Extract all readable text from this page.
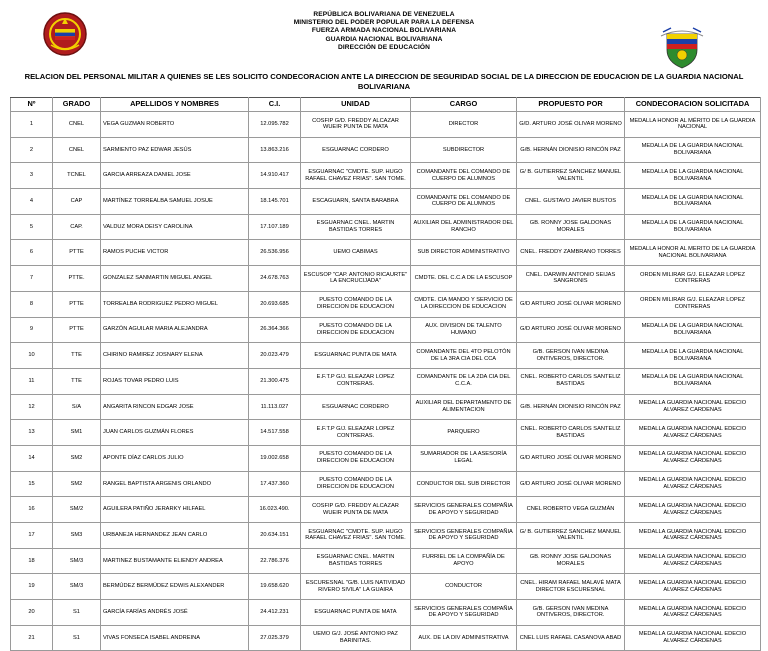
REPÚBLICA BOLIVARIANA DE VENEZUELA
MINISTERIO DEL PODER POPULAR PARA LA DEFENSA
FUERZA ARMADA NACIONAL BOLIVARIANA
GUARDIA NACIONAL BOLIVARIANA
DIRECCIÓN DE EDUCACIÓN
RELACION DEL PERSONAL MILITAR A QUIENES SE LES SOLICITO CONDECORACION ANTE LA DIRECCION DE SEGURIDAD SOCIAL DE LA DIRECCION DE EDUCACION DE LA GUARDIA NACIONAL BOLIVARIANA
Nº	GRADO	APELLIDOS Y NOMBRES	C.I.	UNIDAD	CARGO	PROPUESTO POR	CONDECORACION SOLICITADA
1	CNEL	VEGA GUZMAN ROBERTO	12.095.782	COSFIP G/D. FREDDY ALCAZAR WUEIR PUNTA DE MATA	DIRECTOR	G/D. ARTURO JOSÉ OLIVAR MORENO	MEDALLA HONOR AL MÉRITO DE LA GUARDIA NACIONAL
2	CNEL	SARMIENTO PAZ EDWAR JESÚS	13.863.216	ESGUARNAC CORDERO	SUBDIRECTOR	G/B. HERNÁN DIONISIO RINCÓN PAZ	MEDALLA DE LA GUARDIA NACIONAL BOLIVARIANA
3	TCNEL	GARCIA ARREAZA DANIEL JOSE	14.910.417	ESGUARNAC "CMDTE. SUP. HUGO RAFAEL CHAVEZ FRIAS". SAN TOME.	COMANDANTE DEL COMANDO DE CUERPO DE ALUMNOS	G/ B. GUTIERREZ SANCHEZ MANUEL VALENTIL	MEDALLA DE LA GUARDIA NACIONAL BOLIVARIANA
4	CAP	MARTÍNEZ TORREALBA SAMUEL JOSUE	18.145.701	ESCAGUARN, SANTA BARABRA	COMANDANTE DEL COMANDO DE CUERPO DE ALUMNOS	CNEL. GUSTAVO JAVIER BUSTOS	MEDALLA DE LA GUARDIA NACIONAL BOLIVARIANA
5	CAP.	VALDUZ MORA DEISY CAROLINA	17.107.189	ESGUARNAC CNEL. MARTIN BASTIDAS TORRES	AUXILIAR DEL ADMINISTRADOR DEL RANCHO	GB. RONNY JOSE GALDONAS MORALES	MEDALLA DE LA GUARDIA NACIONAL BOLIVARIANA
6	PTTE	RAMOS PUCHE VICTOR	26.536.956	UEMO CABIMAS	SUB DIRECTOR ADMINISTRATIVO	CNEL. FREDDY ZAMBRANO TORRES	MEDALLA HONOR AL MERITO DE LA GUARDIA NACIONAL BOLIVARIANA
7	PTTE.	GONZALEZ SANMARTIN MIGUEL ANGEL	24.678.763	ESCUSOP "CAP. ANTONIO RICAURTE" LA ENCRUCIJADA"	CMDTE. DEL C.C.A DE LA ESCUSOP	CNEL. DARWIN ANTONIO SEIJAS SANGRONIS	ORDEN MILIRAR G/J. ELEAZAR LOPEZ CONTRERAS
8	PTTE	TORREALBA RODRIGUEZ PEDRO MIGUEL	20.693.685	PUESTO COMANDO DE LA DIRECCION DE EDUCACION	CMDTE. CIA MANDO Y SERVICIO DE LA DIRECCION DE EDUCACION	G/D ARTURO JOSÉ OLIVAR MORENO	ORDEN MILIRAR G/J. ELEAZAR LOPEZ CONTRERAS
9	PTTE	GARZÓN AGUILAR MARIA ALEJANDRA	26.364.366	PUESTO COMANDO DE LA DIRECCION DE EDUCACION	AUX. DIVISION DE TALENTO HUMANO	G/D ARTURO JOSÉ OLIVAR MORENO	MEDALLA DE LA GUARDIA NACIONAL BOLIVARIANA
10	TTE	CHIRINO RAMIREZ JOSNARY ELENA	20.023.479	ESGUARNAC PUNTA DE MATA	COMANDANTE DEL 4TO PELOTÓN DE LA 3RA CIA DEL CCA	G/B. GERSON IVAN MEDINA ONTIVEROS, DIRECTOR.	MEDALLA DE LA GUARDIA NACIONAL BOLIVARIANA
11	TTE	ROJAS TOVAR PEDRO LUIS	21.300.475	E.F.T.P G/J. ELEAZAR LOPEZ CONTRERAS.	COMANDANTE DE LA 2DA CIA DEL C.C.A.	CNEL. ROBERTO CARLOS SANTELIZ BASTIDAS	MEDALLA DE LA GUARDIA NACIONAL BOLIVARIANA
12	S/A	ANGARITA RINCON EDGAR JOSE	11.113.027	ESGUARNAC CORDERO	AUXILIAR DEL DEPARTAMENTO DE ALIMENTACION	G/B. HERNÁN DIONISIO RINCÓN PAZ	MEDALLA GUARDIA NACIONAL EDECIO ALVAREZ CARDENAS
13	SM1	JUAN CARLOS GUZMÁN FLORES	14.517.558	E.F.T.P G/J. ELEAZAR LOPEZ CONTRERAS.	PARQUERO	CNEL. ROBERTO CARLOS SANTELIZ BASTIDAS	MEDALLA GUARDIA NACIONAL EDECIO ALVAREZ CÁRDENAS
14	SM2	APONTE DÍAZ CARLOS JULIO	19.002.658	PUESTO COMANDO DE LA DIRECCION DE EDUCACION	SUMARIADOR DE LA ASESORÍA LEGAL	G/D ARTURO JOSÉ OLIVAR MORENO	MEDALLA GUARDIA NACIONAL EDECIO ALVAREZ CÁRDENAS
15	SM2	RANGEL BAPTISTA ARGENIS ORLANDO	17.437.360	PUESTO COMANDO DE LA DIRECCION DE EDUCACION	CONDUCTOR DEL SUB DIRECTOR	G/D ARTURO JOSÉ OLIVAR MORENO	MEDALLA GUARDIA NACIONAL EDECIO ALVAREZ CÁRDENAS
16	SM/2	AGUILERA PATIÑO JERARKY HILFAEL	16.023.490.	COSFIP G/D. FREDDY ALCAZAR WUEIR PUNTA DE MATA	SERVICIOS GENERALES COMPAÑIA DE APOYO Y SEGURIDAD	CNEL ROBERTO VEGA GUZMÁN	MEDALLA GUARDIA NACIONAL EDECIO ÁLVAREZ CÁRDENAS
17	SM3	URBANEJA HERNANDEZ JEAN CARLO	20.634.151	ESGUARNAC "CMDTE. SUP. HUGO RAFAEL CHAVEZ FRIAS". SAN TOME.	SERVICIOS GENERALES COMPAÑIA DE APOYO Y SEGURIDAD	G/ B. GUTIERREZ SANCHEZ MANUEL VALENTIL	MEDALLA GUARDIA NACIONAL EDECIO ALVAREZ CÁRDENAS
18	SM/3	MARTINEZ BUSTAMANTE ELIENDY ANDREA	22.786.376	ESGUARNAC CNEL. MARTIN BASTIDAS TORRES	FURRIEL DE LA COMPAÑÍA DE APOYO	GB. RONNY JOSE GALDONAS MORALES	MEDALLA GUARDIA NACIONAL EDECIO ALVAREZ CÁRDENAS
19	SM/3	BERMÚDEZ BERMÚDEZ EDWIS ALEXANDER	19.658.620	ESCURESNAL "G/B. LUIS NATIVIDAD RIVERO SIVILA" LA GUAIRA	CONDUCTOR	CNEL. HIRAM RAFAEL MALAVÉ MATA DIRECTOR ESCURESNAL	MEDALLA GUARDIA NACIONAL EDECIO ALVAREZ CÁRDENAS
20	S1	GARCÍA FARÍAS ANDRÉS JOSÉ	24.412.231	ESGUARNAC PUNTA DE MATA	SERVICIOS GENERALES COMPAÑIA DE APOYO Y SEGURIDAD	G/B. GERSON IVAN MEDINA ONTIVEROS, DIRECTOR.	MEDALLA GUARDIA NACIONAL EDECIO ALVAREZ CÁRDENAS
21	S1	VIVAS FONSECA ISABEL ANDREINA	27.025.379	UEMO G/J. JOSÉ ANTONIO PAZ BARINITAS.	AUX. DE LA DIV ADMINISTRATIVA	CNEL LUIS RAFAEL CASANOVA ABAD	MEDALLA GUARDIA NACIONAL EDECIO ALVAREZ CÁRDENAS
